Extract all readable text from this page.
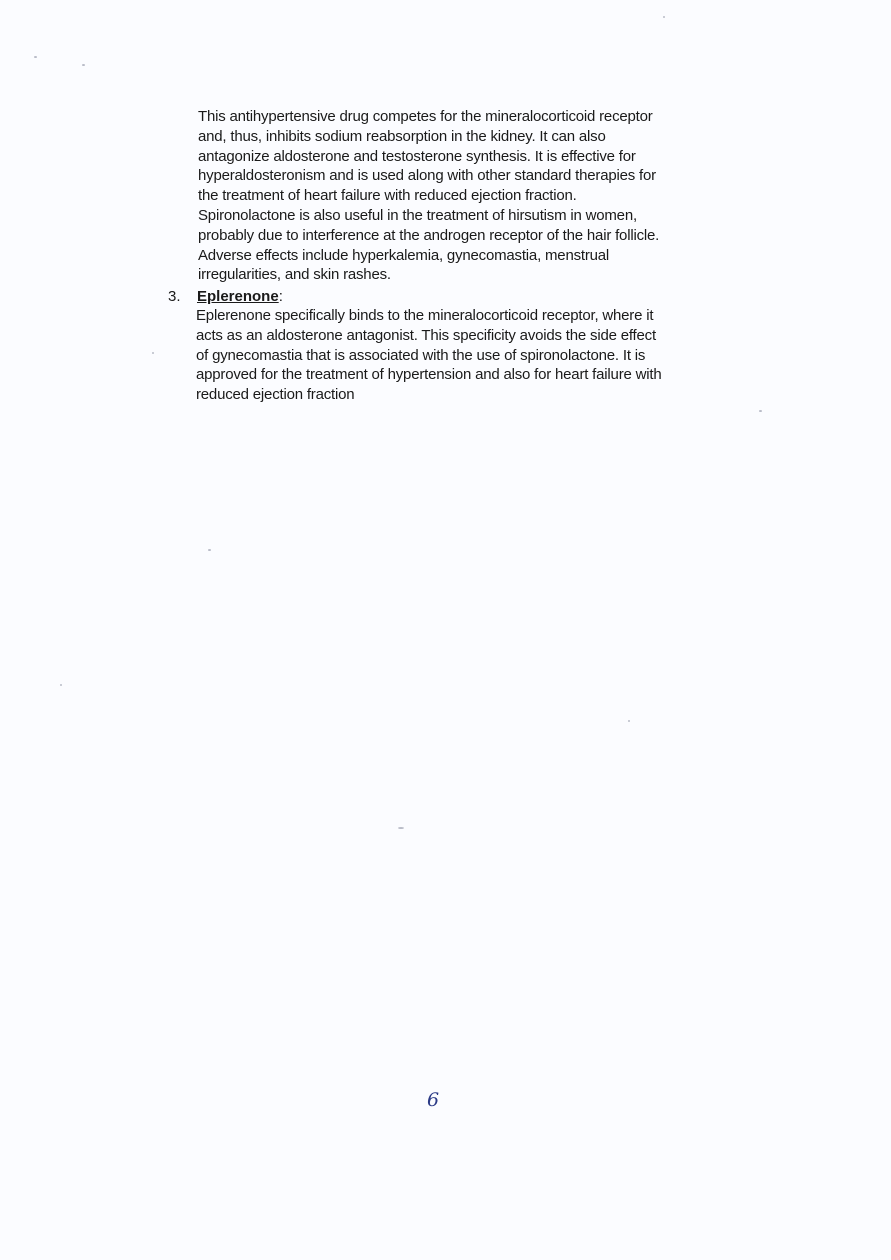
This antihypertensive drug competes for the mineralocorticoid receptor
and, thus, inhibits sodium reabsorption in the kidney. It can also
antagonize aldosterone and testosterone synthesis. It is effective for
hyperaldosteronism and is used along with other standard therapies for
the treatment of heart failure with reduced ejection fraction.
Spironolactone is also useful in the treatment of hirsutism in women,
probably due to interference at the androgen receptor of the hair follicle.
Adverse effects include hyperkalemia, gynecomastia, menstrual
irregularities, and skin rashes.
3. Eplerenone:
Eplerenone specifically binds to the mineralocorticoid receptor, where it
acts as an aldosterone antagonist. This specificity avoids the side effect
of gynecomastia that is associated with the use of spironolactone. It is
approved for the treatment of hypertension and also for heart failure with
reduced ejection fraction
6
